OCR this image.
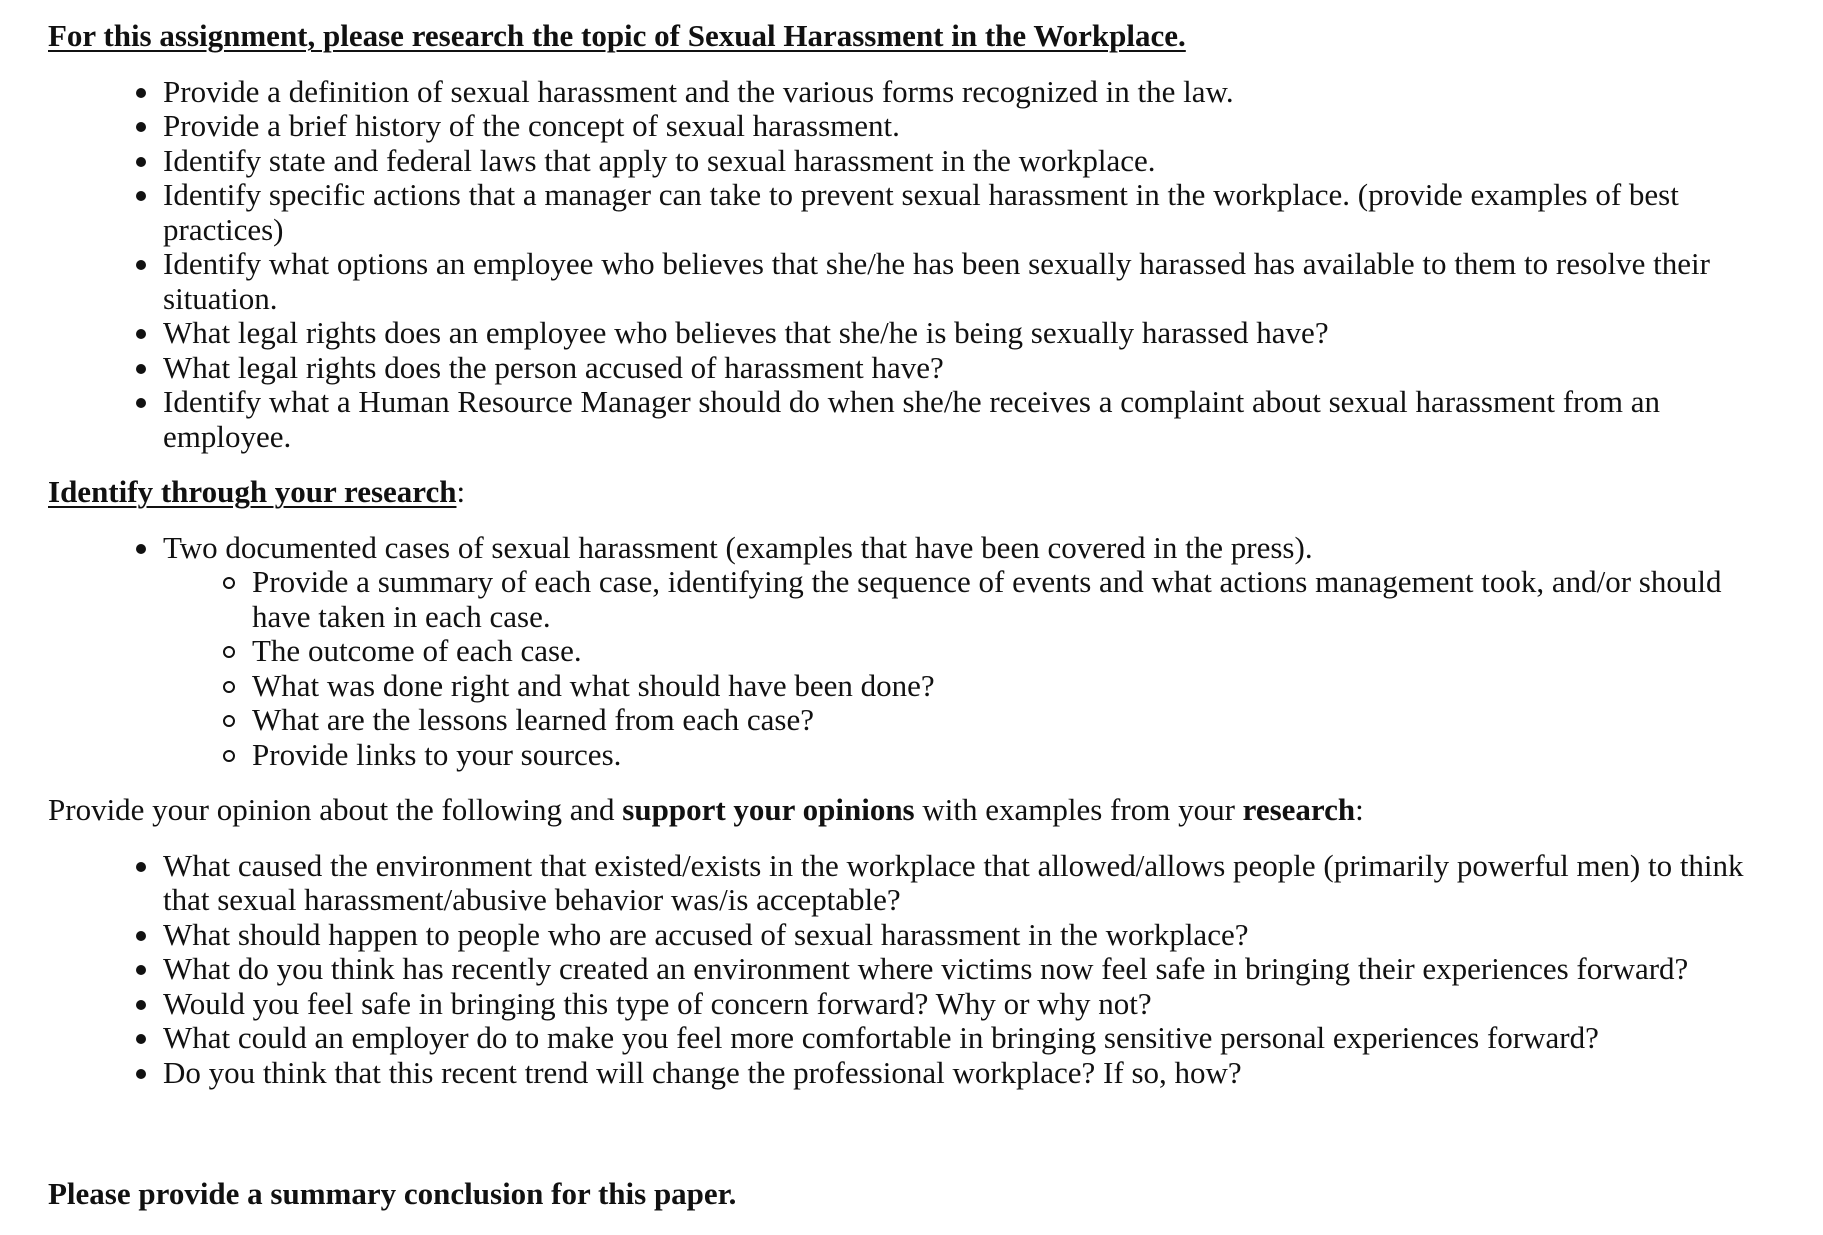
For this assignment, please research the topic of Sexual Harassment in the Workplace.

Provide a definition of sexual harassment and the various forms recognized in the law.
Provide a brief history of the concept of sexual harassment.
Identify state and federal laws that apply to sexual harassment in the workplace.
Identify specific actions that a manager can take to prevent sexual harassment in the workplace. (provide examples of best practices)
Identify what options an employee who believes that she/he has been sexually harassed has available to them to resolve their situation.
What legal rights does an employee who believes that she/he is being sexually harassed have?
What legal rights does the person accused of harassment have?
Identify what a Human Resource Manager should do when she/he receives a complaint about sexual harassment from an employee.

Identify through your research:

Two documented cases of sexual harassment (examples that have been covered in the press).
Provide a summary of each case, identifying the sequence of events and what actions management took, and/or should have taken in each case.
The outcome of each case.
What was done right and what should have been done?
What are the lessons learned from each case?
Provide links to your sources.

Provide your opinion about the following and support your opinions with examples from your research:

What caused the environment that existed/exists in the workplace that allowed/allows people (primarily powerful men) to think that sexual harassment/abusive behavior was/is acceptable?
What should happen to people who are accused of sexual harassment in the workplace?
What do you think has recently created an environment where victims now feel safe in bringing their experiences forward?
Would you feel safe in bringing this type of concern forward? Why or why not?
What could an employer do to make you feel more comfortable in bringing sensitive personal experiences forward?
Do you think that this recent trend will change the professional workplace? If so, how?

Please provide a summary conclusion for this paper.
